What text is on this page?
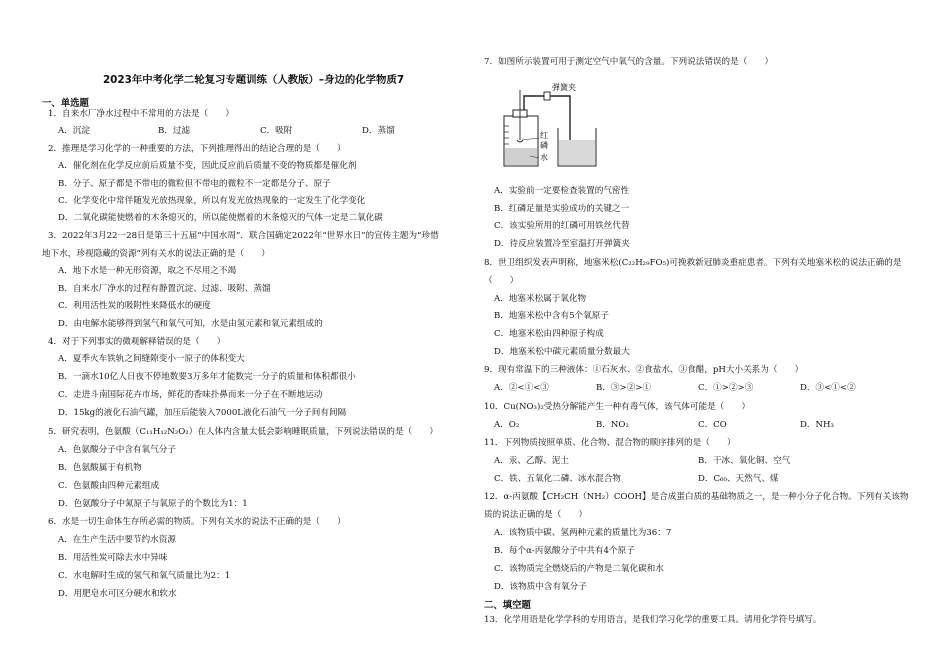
2023年中考化学二轮复习专题训练（人教版）–身边的化学物质7
一、单选题
1．自来水厂净水过程中不常用的方法是（　　）
A．沉淀	B．过滤	C．吸附	D．蒸馏
2．推理是学习化学的一种重要的方法，下列推理得出的结论合理的是（　　）
A．催化剂在化学反应前后质量不变，因此反应前后质量不变的物质都是催化剂
B．分子、原子都是不带电的微粒但不带电的微粒不一定都是分子、原子
C．化学变化中常伴随发光放热现象，所以有发光放热现象的一定发生了化学变化
D．二氧化碳能使燃着的木条熄灭的，所以能使燃着的木条熄灭的气体一定是二氧化碳
3．2022年3月22一28日是第三十五届“中国水周”．联合国确定2022年“世界水日”的宣传主题为“珍惜
地下水，珍视隐藏的资源”列有关水的说法正确的是（　　）
A．地下水是一种无形资源，取之不尽用之不竭
B．自来水厂净水的过程有静置沉淀、过滤、吸附、蒸馏
C．利用活性炭的吸附性来降低水的硬度
D．由电解水能够得到氢气和氧气可知，水是由氢元素和氧元素组成的
4．对于下列事实的微观解释错误的是（　　）
A．夏季火车铁轨之间缝隙变小一原子的体积变大
B．一滴水10亿人日夜不停地数要3万多年才能数完一分子的质量和体积都很小
C．走进斗南国际花卉市场，鲜花的香味扑鼻而来一分子在不断地运动
D．15kg的液化石油气罐，加压后能装入7000L液化石油气一分子间有间隔
5．研究表明，色氨酸（C₁₁H₁₂N₂O₂）在人体内含量太低会影响睡眠质量，下列说法错误的是（　　）
A．色氨酸分子中含有氧气分子
B．色氨酸属于有机物
C．色氨酸由四种元素组成
D．色氨酸分子中氮原子与氧原子的个数比为1：1
6．水是一切生命体生存所必需的物质。下列有关水的说法不正确的是（　　）
A．在生产生活中要节约水资源
B．用活性炭可除去水中异味
C．水电解时生成的氢气和氧气质量比为2：1
D．用肥皂水可区分硬水和软水
7．如图所示装置可用于测定空气中氧气的含量。下列说法错误的是（　　）
弹簧夹
红
磷
水
A．实验前一定要检查装置的气密性
B．红磷足量是实验成功的关键之一
C．该实验所用的红磷可用铁丝代替
D．待反应装置冷至室温打开弹簧夹
8．世卫组织发表声明称，地塞米松(C₂₂H₂₉FO₅)可挽救新冠肺炎重症患者。下列有关地塞米松的说法正确的是
（　　）
A．地塞米松属于氧化物
B．地塞米松中含有5个氧原子
C．地塞米松由四种原子构成
D．地塞米松中碳元素质量分数最大
9．现有常温下的三种液体：①石灰水、②食盐水、③食醋，pH大小关系为（　　）
A．②<①<③	B．③>②>①	C．①>②>③	D．③<①<②
10．Cu(NO₃)₂受热分解能产生一种有毒气体，该气体可能是（　　）
A．O₂	B．NO₂	C．CO	D．NH₃
11．下列物质按照单质、化合物、混合物的顺序排列的是（　　）
A．汞、乙醇、泥土	B．干冰、氧化铜、空气
C．铁、五氧化二磷、冰水混合物	D．C₆₀、天然气、煤
12．α-丙氨酸【CH₃CH（NH₂）COOH】是合成蛋白质的基础物质之一，是一种小分子化合物。下列有关该物
质的说法正确的是（　　）
A．该物质中碳、氢两种元素的质量比为36：7
B．每个α-丙氨酸分子中共有4个原子
C．该物质完全燃烧后的产物是二氧化碳和水
D．该物质中含有氧分子
二、填空题
13．化学用语是化学学科的专用语言，是我们学习化学的重要工具。请用化学符号填写。
